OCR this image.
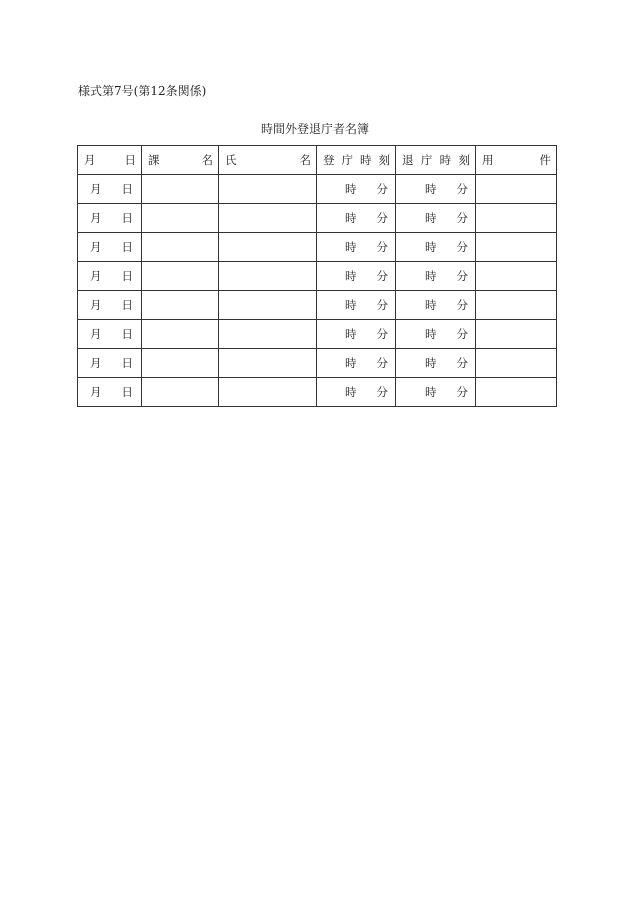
様式第7号(第12条関係)
時間外登退庁者名簿
月 日	課 名	氏 名	登 庁 時 刻	退 庁 時 刻	用 件

月 日			時 分	時 分	

月 日			時 分	時 分	

月 日			時 分	時 分	

月 日			時 分	時 分	

月 日			時 分	時 分	

月 日			時 分	時 分	

月 日			時 分	時 分	

月 日			時 分	時 分	
